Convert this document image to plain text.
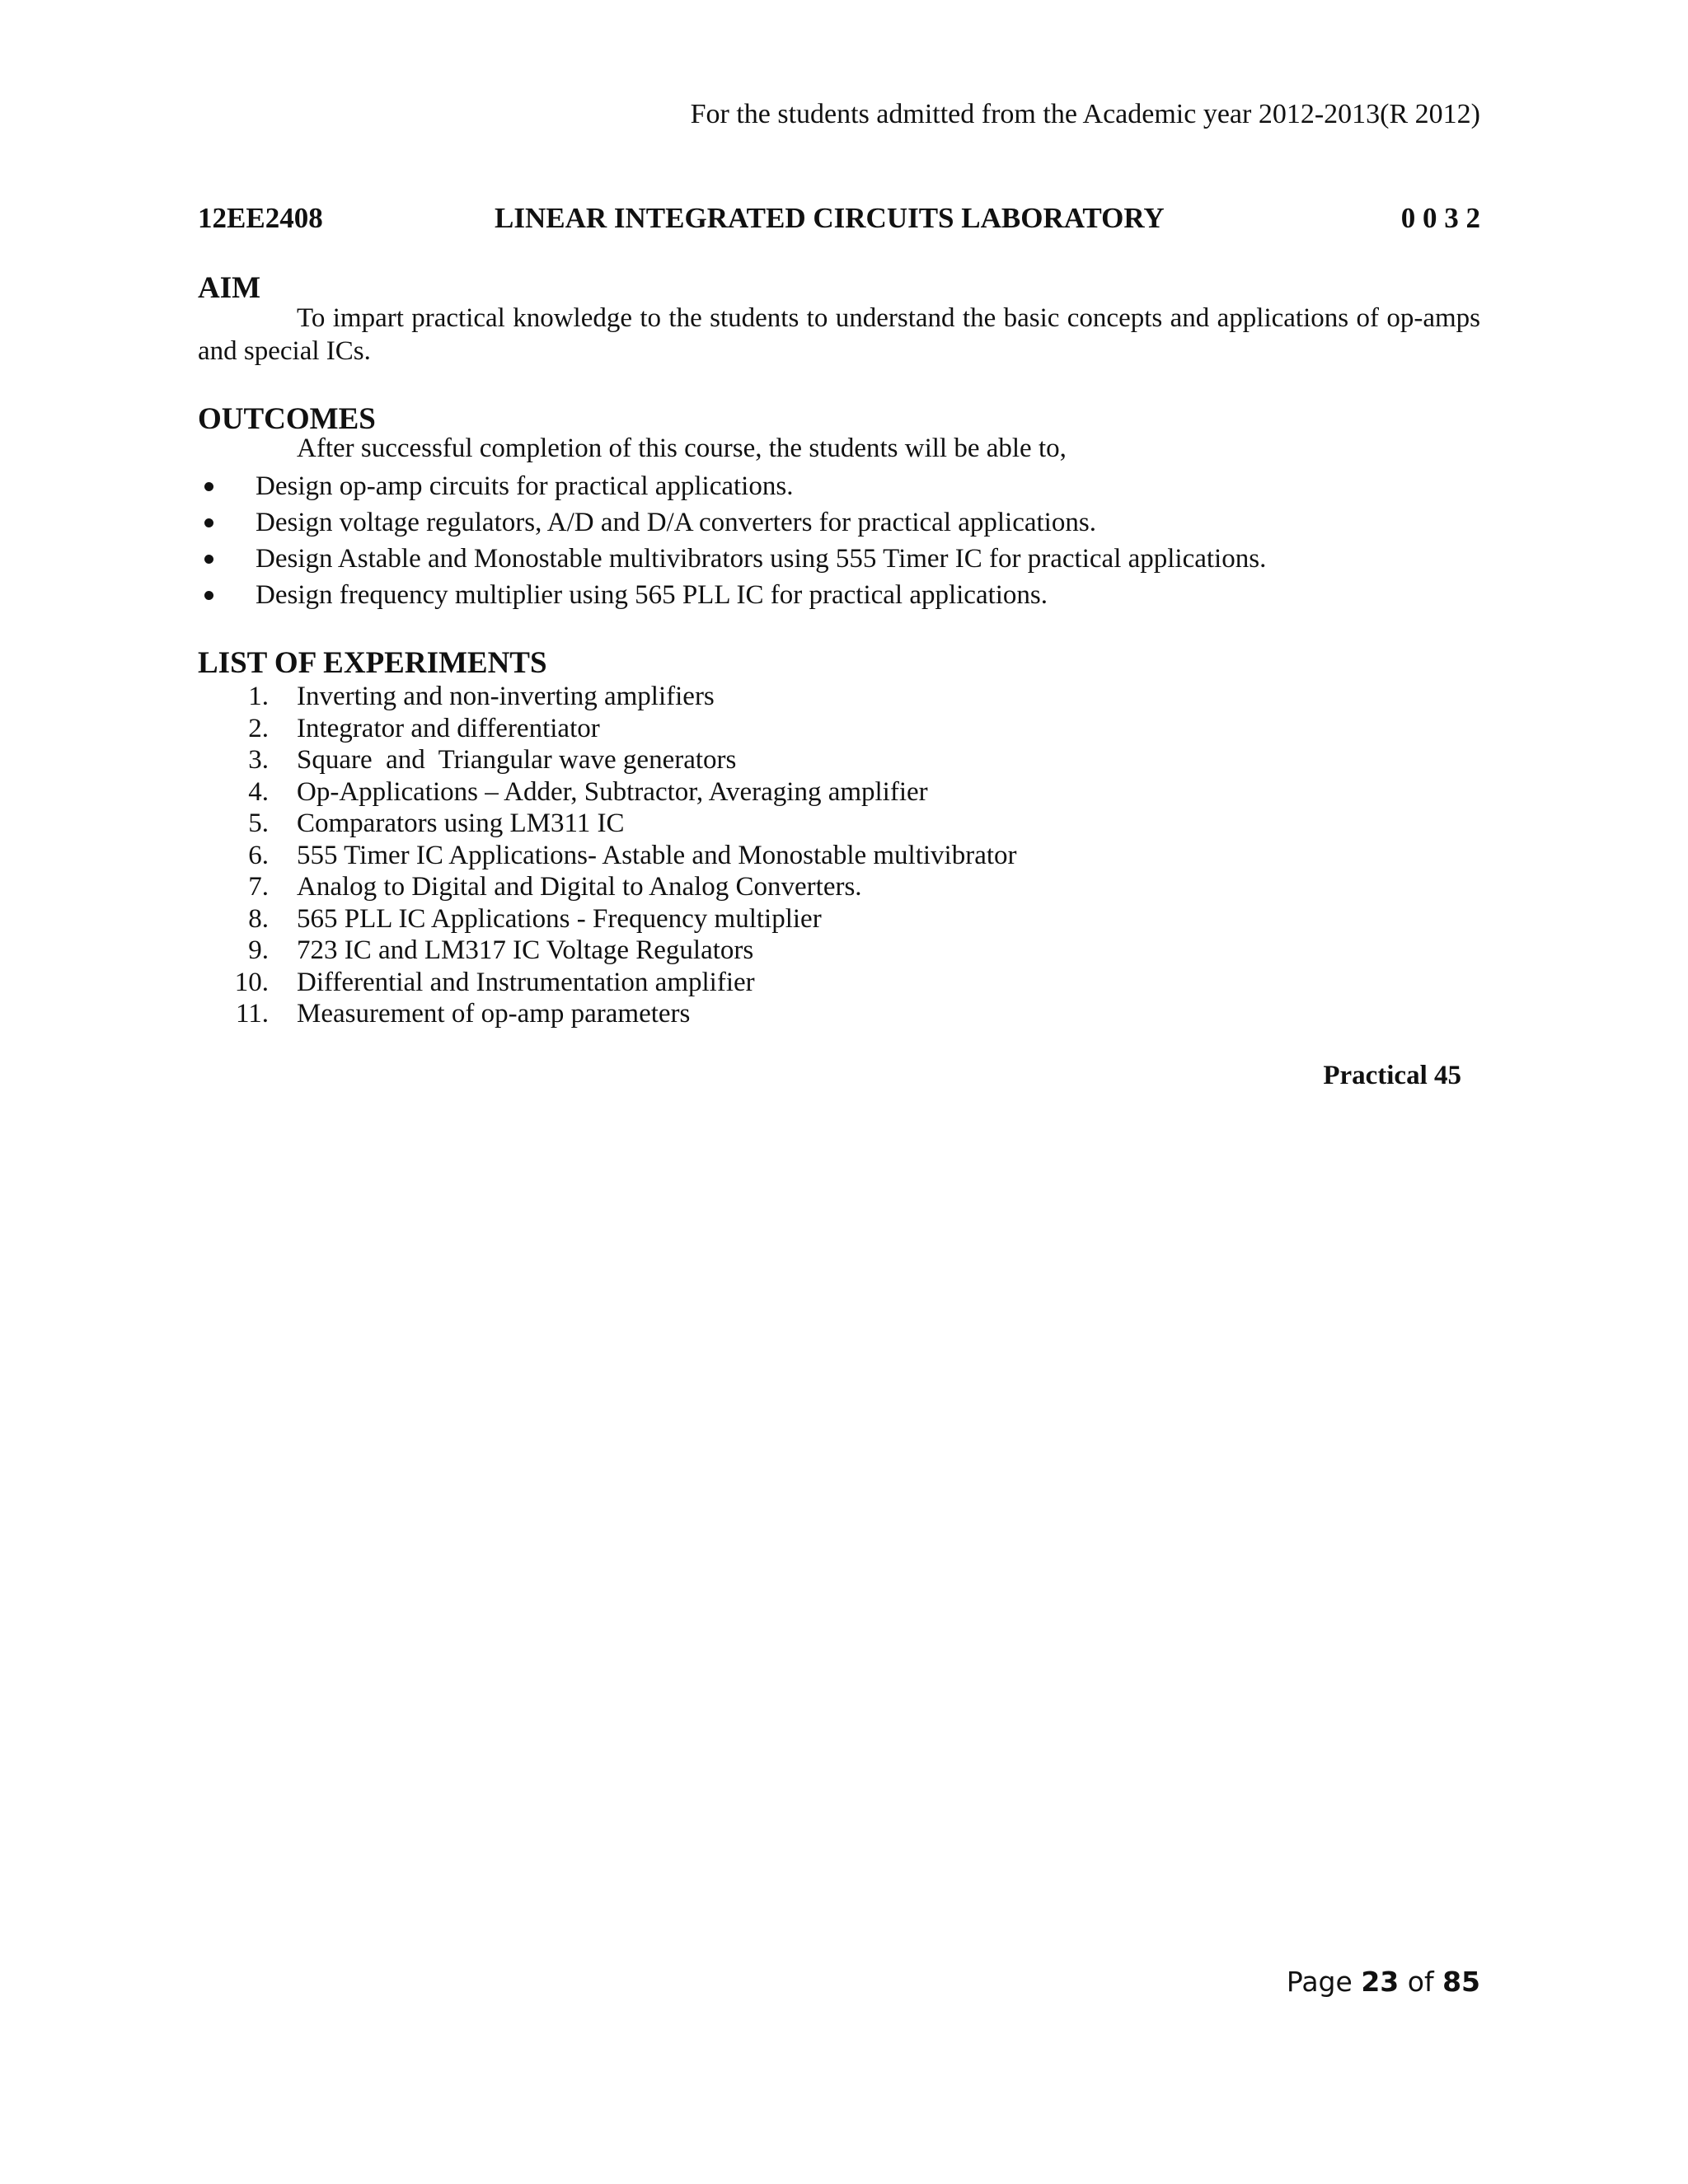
For the students admitted from the Academic year 2012-2013(R 2012)
12EE2408	LINEAR INTEGRATED CIRCUITS LABORATORY	0 0 3 2
AIM
To impart practical knowledge to the students to understand the basic concepts and applications of op-amps and special ICs.
OUTCOMES
After successful completion of this course, the students will be able to,
Design op-amp circuits for practical applications.
Design voltage regulators, A/D and D/A converters for practical applications.
Design Astable and Monostable multivibrators using 555 Timer IC for practical applications.
Design frequency multiplier using 565 PLL IC for practical applications.
LIST OF EXPERIMENTS
1. Inverting and non-inverting amplifiers
2. Integrator and differentiator
3. Square  and  Triangular wave generators
4. Op-Applications – Adder, Subtractor, Averaging amplifier
5. Comparators using LM311 IC
6. 555 Timer IC Applications- Astable and Monostable multivibrator
7. Analog to Digital and Digital to Analog Converters.
8. 565 PLL IC Applications - Frequency multiplier
9. 723 IC and LM317 IC Voltage Regulators
10. Differential and Instrumentation amplifier
11. Measurement of op-amp parameters
Practical 45
Page 23 of 85
